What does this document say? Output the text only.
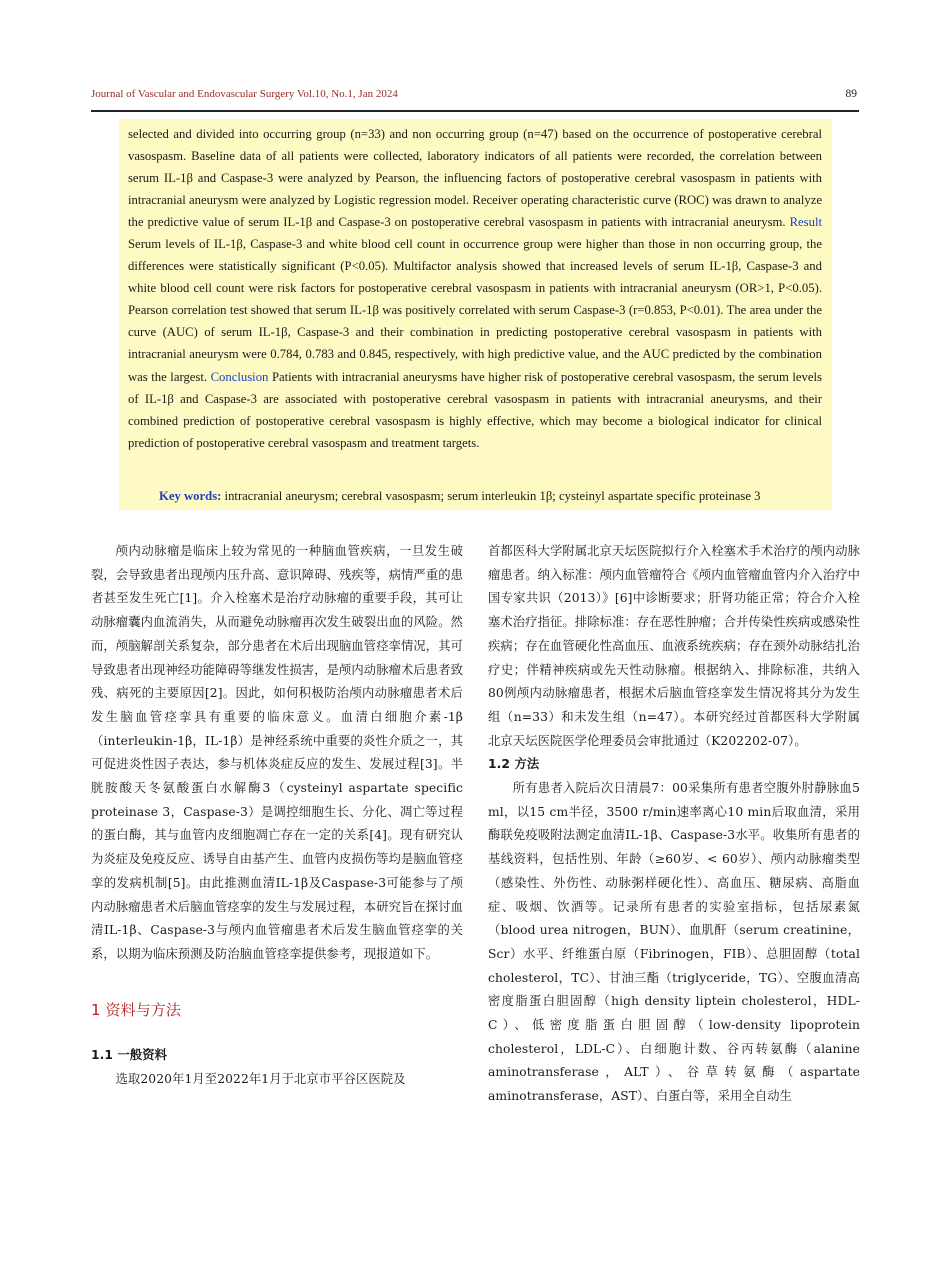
Journal of Vascular and Endovascular Surgery Vol.10, No.1, Jan 2024	89
selected and divided into occurring group (n=33) and non occurring group (n=47) based on the occurrence of postoperative cerebral vasospasm. Baseline data of all patients were collected, laboratory indicators of all patients were recorded, the correlation between serum IL-1β and Caspase-3 were analyzed by Pearson, the influencing factors of postoperative cerebral vasospasm in patients with intracranial aneurysm were analyzed by Logistic regression model. Receiver operating characteristic curve (ROC) was drawn to analyze the predictive value of serum IL-1β and Caspase-3 on postoperative cerebral vasospasm in patients with intracranial aneurysm. Result Serum levels of IL-1β, Caspase-3 and white blood cell count in occurrence group were higher than those in non occurring group, the differences were statistically significant (P<0.05). Multifactor analysis showed that increased levels of serum IL-1β, Caspase-3 and white blood cell count were risk factors for postoperative cerebral vasospasm in patients with intracranial aneurysm (OR>1, P<0.05). Pearson correlation test showed that serum IL-1β was positively correlated with serum Caspase-3 (r=0.853, P<0.01). The area under the curve (AUC) of serum IL-1β, Caspase-3 and their combination in predicting postoperative cerebral vasospasm in patients with intracranial aneurysm were 0.784, 0.783 and 0.845, respectively, with high predictive value, and the AUC predicted by the combination was the largest. Conclusion Patients with intracranial aneurysms have higher risk of postoperative cerebral vasospasm, the serum levels of IL-1β and Caspase-3 are associated with postoperative cerebral vasospasm in patients with intracranial aneurysms, and their combined prediction of postoperative cerebral vasospasm is highly effective, which may become a biological indicator for clinical prediction of postoperative cerebral vasospasm and treatment targets.
Key words: intracranial aneurysm; cerebral vasospasm; serum interleukin 1β; cysteinyl aspartate specific proteinase 3

颅内动脉瘤是临床上较为常见的一种脑血管疾病，一旦发生破裂，会导致患者出现颅内压升高、意识障碍、残疾等，病情严重的患者甚至发生死亡[1]。介入栓塞术是治疗动脉瘤的重要手段，其可让动脉瘤囊内血流消失，从而避免动脉瘤再次发生破裂出血的风险。然而，颅脑解剖关系复杂，部分患者在术后出现脑血管痉挛情况，其可导致患者出现神经功能障碍等继发性损害，是颅内动脉瘤术后患者致残、病死的主要原因[2]。因此，如何积极防治颅内动脉瘤患者术后发生脑血管痉挛具有重要的临床意义。血清白细胞介素-1β（interleukin-1β，IL-1β）是神经系统中重要的炎性介质之一，其可促进炎性因子表达，参与机体炎症反应的发生、发展过程[3]。半胱胺酸天冬氨酸蛋白水解酶3（cysteinyl aspartate specific proteinase 3，Caspase-3）是调控细胞生长、分化、凋亡等过程的蛋白酶，其与血管内皮细胞凋亡存在一定的关系[4]。现有研究认为炎症及免疫反应、诱导自由基产生、血管内皮损伤等均是脑血管痉挛的发病机制[5]。由此推测血清IL-1β及Caspase-3可能参与了颅内动脉瘤患者术后脑血管痉挛的发生与发展过程，本研究旨在探讨血清IL-1β、Caspase-3与颅内血管瘤患者术后发生脑血管痉挛的关系，以期为临床预测及防治脑血管痉挛提供参考，现报道如下。

1 资料与方法

1.1 一般资料

选取2020年1月至2022年1月于北京市平谷区医院及

首都医科大学附属北京天坛医院拟行介入栓塞术手术治疗的颅内动脉瘤患者。纳入标准：颅内血管瘤符合《颅内血管瘤血管内介入治疗中国专家共识（2013）》[6]中诊断要求；肝肾功能正常；符合介入栓塞术治疗指征。排除标准：存在恶性肿瘤；合并传染性疾病或感染性疾病；存在血管硬化性高血压、血液系统疾病；存在颈外动脉结扎治疗史；伴精神疾病或先天性动脉瘤。根据纳入、排除标准，共纳入80例颅内动脉瘤患者，根据术后脑血管痉挛发生情况将其分为发生组（n=33）和未发生组（n=47）。本研究经过首都医科大学附属北京天坛医院医学伦理委员会审批通过（K202202-07）。

1.2 方法

所有患者入院后次日清晨7：00采集所有患者空腹外肘静脉血5 ml，以15 cm半径，3500 r/min速率离心10 min后取血清，采用酶联免疫吸附法测定血清IL-1β、Caspase-3水平。收集所有患者的基线资料，包括性别、年龄（≥60岁、< 60岁）、颅内动脉瘤类型（感染性、外伤性、动脉粥样硬化性）、高血压、糖尿病、高脂血症、吸烟、饮酒等。记录所有患者的实验室指标，包括尿素氮（blood urea nitrogen，BUN）、血肌酐（serum creatinine，Scr）水平、纤维蛋白原（Fibrinogen，FIB）、总胆固醇（total cholesterol，TC）、甘油三酯（triglyceride，TG）、空腹血清高密度脂蛋白胆固醇（high density liptein cholesterol，HDL-C）、低密度脂蛋白胆固醇（low-density lipoprotein cholesterol，LDL-C）、白细胞计数、谷丙转氨酶（alanine aminotransferase，ALT）、谷草转氨酶（aspartate aminotransferase，AST）、白蛋白等，采用全自动生
